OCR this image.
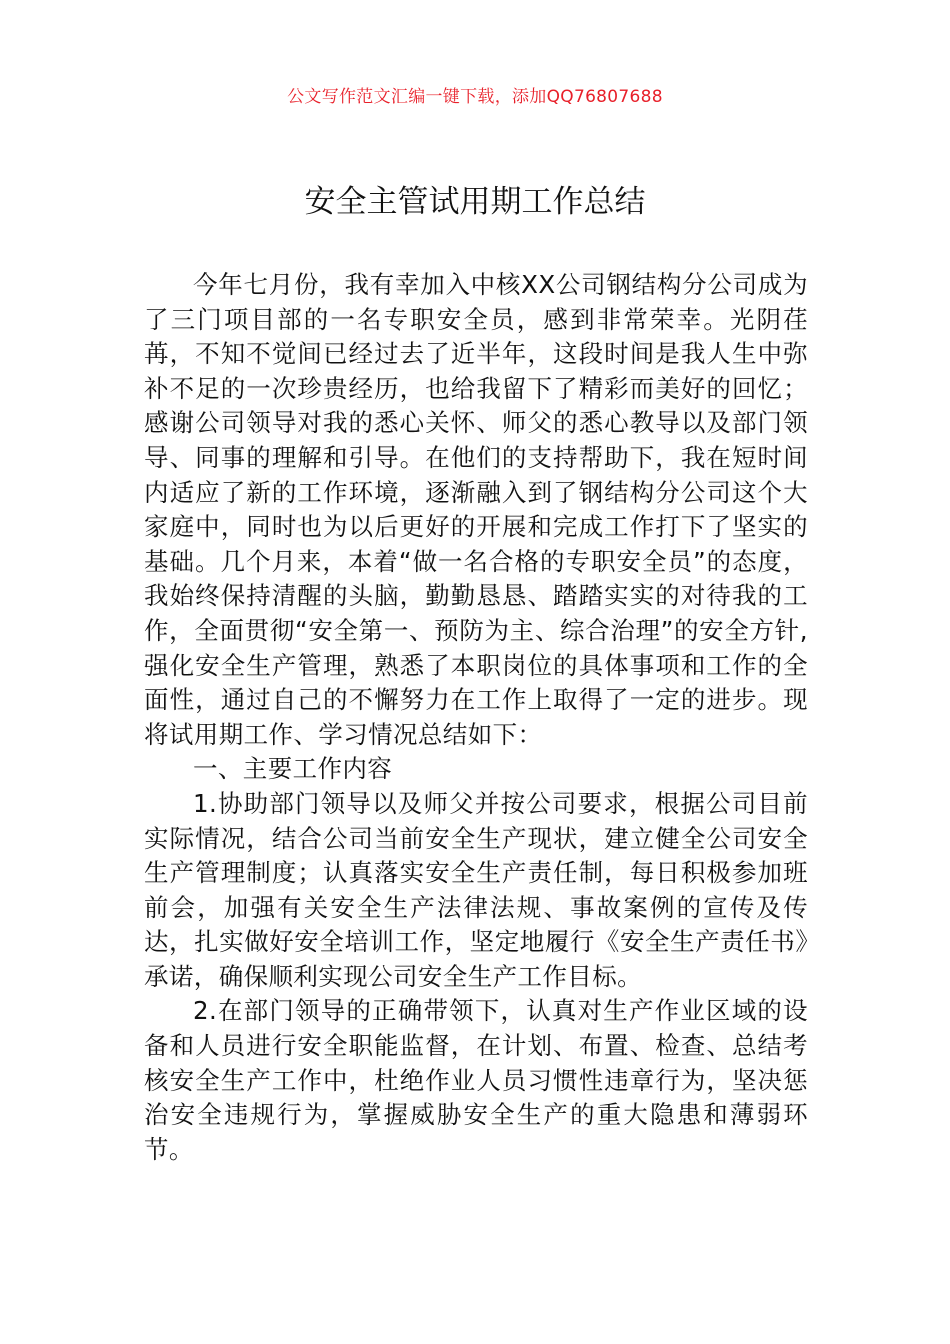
公文写作范文汇编一键下载，添加QQ76807688
安全主管试用期工作总结

今年七月份，我有幸加入中核XX公司钢结构分公司成为了三门项目部的一名专职安全员，感到非常荣幸。光阴荏苒，不知不觉间已经过去了近半年，这段时间是我人生中弥补不足的一次珍贵经历，也给我留下了精彩而美好的回忆；感谢公司领导对我的悉心关怀、师父的悉心教导以及部门领导、同事的理解和引导。在他们的支持帮助下，我在短时间内适应了新的工作环境，逐渐融入到了钢结构分公司这个大家庭中，同时也为以后更好的开展和完成工作打下了坚实的基础。几个月来，本着“做一名合格的专职安全员”的态度，我始终保持清醒的头脑，勤勤恳恳、踏踏实实的对待我的工作，全面贯彻“安全第一、预防为主、综合治理”的安全方针,强化安全生产管理，熟悉了本职岗位的具体事项和工作的全面性，通过自己的不懈努力在工作上取得了一定的进步。现将试用期工作、学习情况总结如下：

一、主要工作内容

1.协助部门领导以及师父并按公司要求，根据公司目前实际情况，结合公司当前安全生产现状，建立健全公司安全生产管理制度；认真落实安全生产责任制，每日积极参加班前会，加强有关安全生产法律法规、事故案例的宣传及传达，扎实做好安全培训工作，坚定地履行《安全生产责任书》承诺，确保顺利实现公司安全生产工作目标。

2.在部门领导的正确带领下，认真对生产作业区域的设备和人员进行安全职能监督，在计划、布置、检查、总结考核安全生产工作中，杜绝作业人员习惯性违章行为，坚决惩治安全违规行为，掌握威胁安全生产的重大隐患和薄弱环节。
